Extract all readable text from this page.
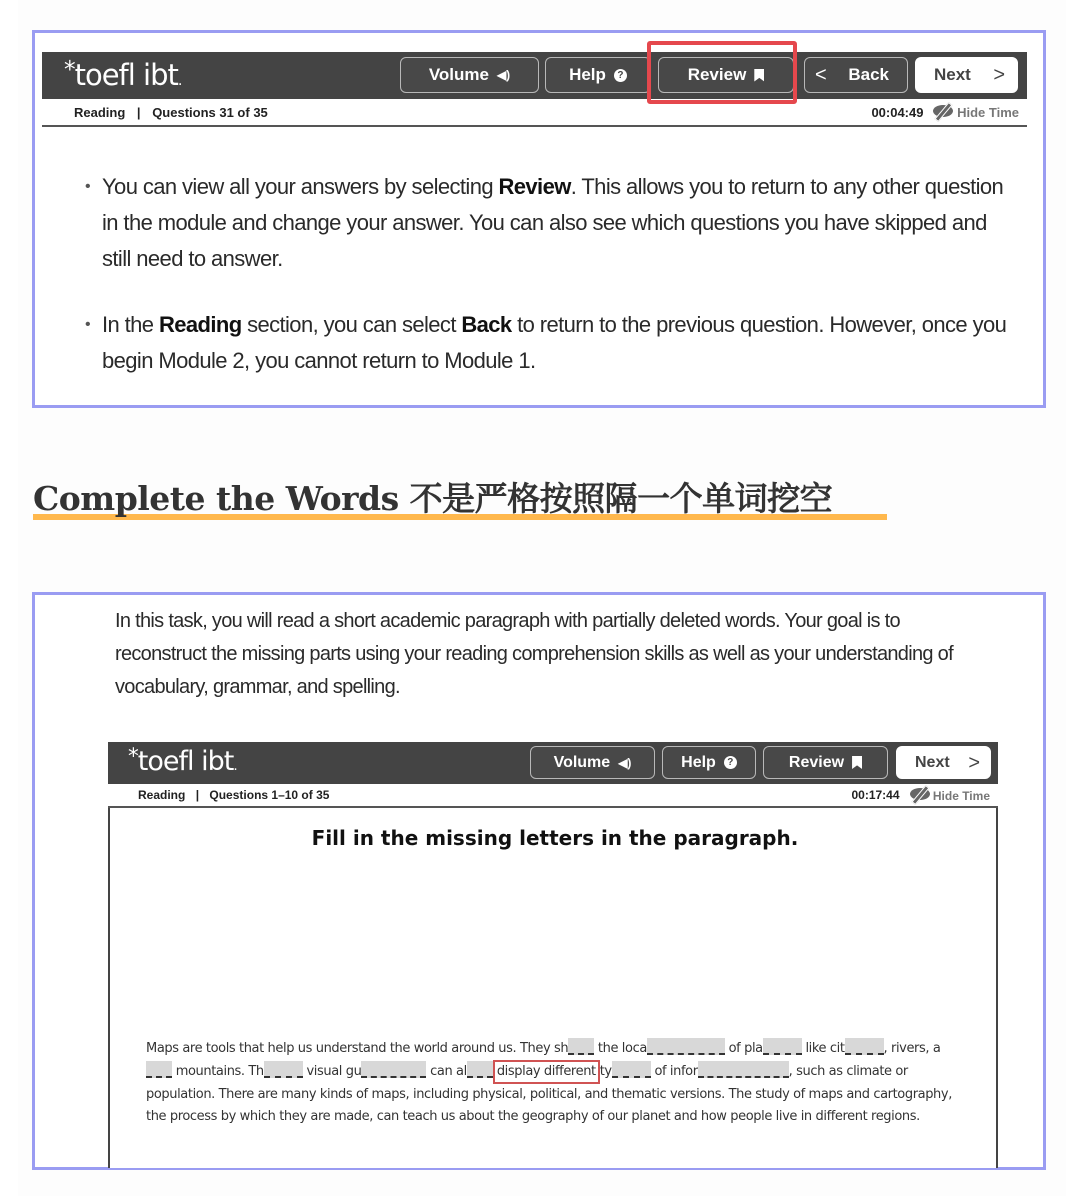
*toefl ibt.	Volume ◀)	Help	?	Review	< Back	Next >
Reading | Questions 31 of 35	00:04:49	Hide Time
• You can view all your answers by selecting Review. This allows you to return to any other question in the module and change your answer. You can also see which questions you have skipped and still need to answer.
• In the Reading section, you can select Back to return to the previous question. However, once you begin Module 2, you cannot return to Module 1.
Complete the Words 不是严格按照隔一个单词挖空

In this task, you will read a short academic paragraph with partially deleted words. Your goal is to reconstruct the missing parts using your reading comprehension skills as well as your understanding of vocabulary, grammar, and spelling.

*toefl ibt.	Volume ◀)	Help	?	Review	Next >
Reading | Questions 1–10 of 35	00:17:44	Hide Time
Fill in the missing letters in the paragraph.
Maps are tools that help us understand the world around us. They sh the loca	of pla	like cit	, rivers, a mountains. Th	visual gu	can al display different ty	of infor	, such as climate or population. There are many kinds of maps, including physical, political, and thematic versions. The study of maps and cartography, the process by which they are made, can teach us about the geography of our planet and how people live in different regions.
